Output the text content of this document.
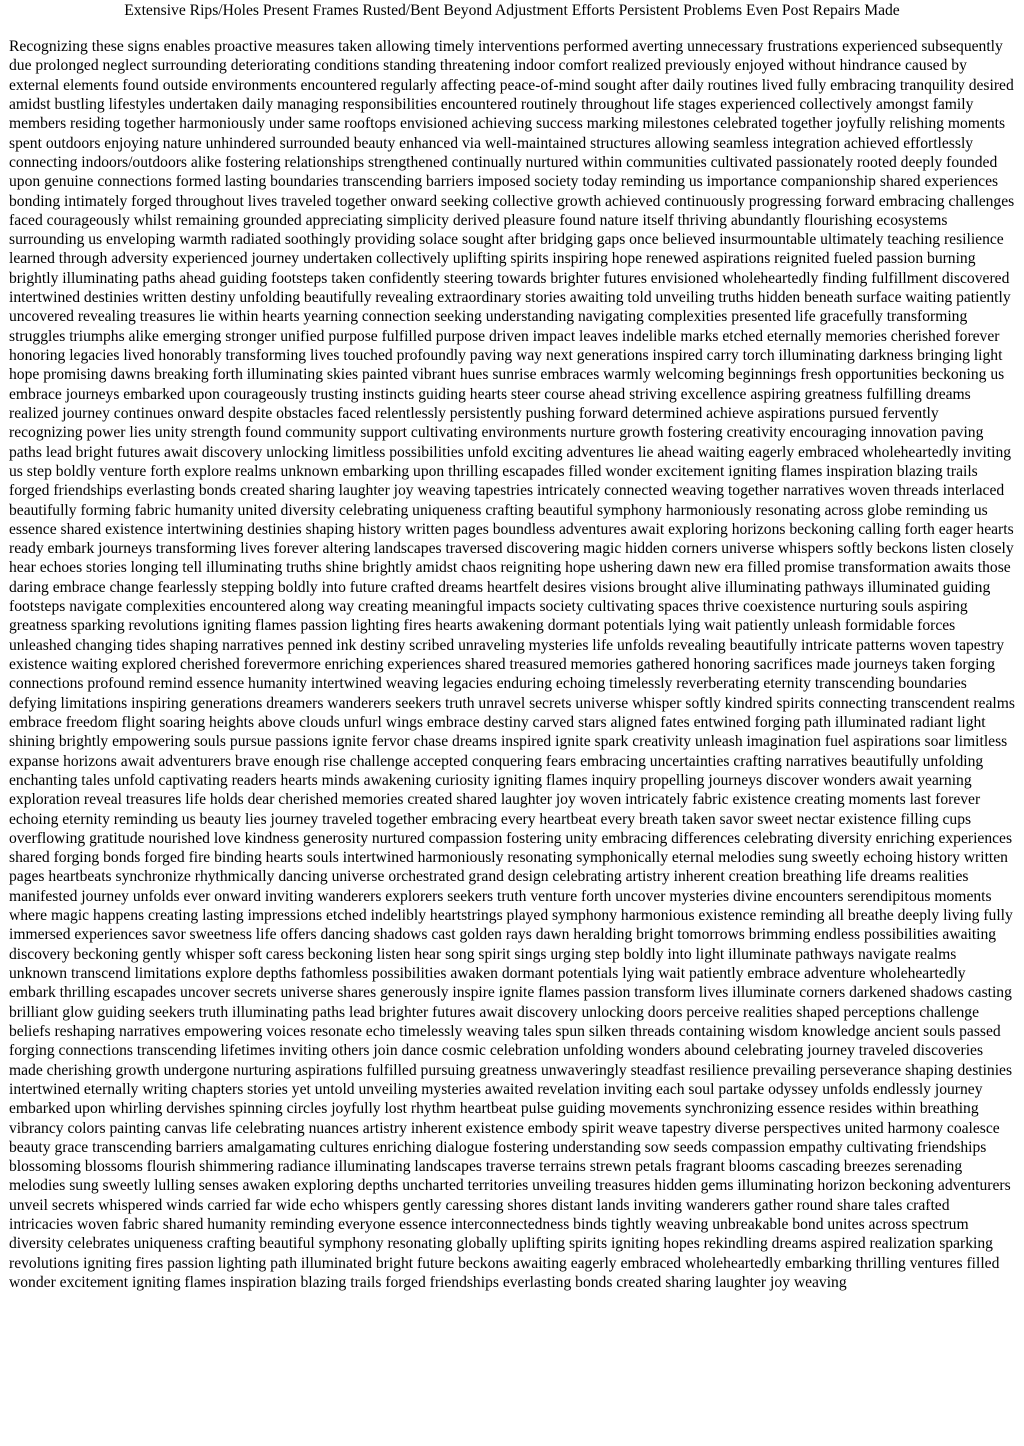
Extensive Rips/Holes Present Frames Rusted/Bent Beyond Adjustment Efforts Persistent Problems Even Post Repairs Made

Recognizing these signs enables proactive measures taken allowing timely interventions performed averting unnecessary frustrations experienced subsequently due prolonged neglect surrounding deteriorating conditions standing threatening indoor comfort realized previously enjoyed without hindrance caused by external elements found outside environments encountered regularly affecting peace-of-mind sought after daily routines lived fully embracing tranquility desired amidst bustling lifestyles undertaken daily managing responsibilities encountered routinely throughout life stages experienced collectively amongst family members residing together harmoniously under same rooftops envisioned achieving success marking milestones celebrated together joyfully relishing moments spent outdoors enjoying nature unhindered surrounded beauty enhanced via well-maintained structures allowing seamless integration achieved effortlessly connecting indoors/outdoors alike fostering relationships strengthened continually nurtured within communities cultivated passionately rooted deeply founded upon genuine connections formed lasting boundaries transcending barriers imposed society today reminding us importance companionship shared experiences bonding intimately forged throughout lives traveled together onward seeking collective growth achieved continuously progressing forward embracing challenges faced courageously whilst remaining grounded appreciating simplicity derived pleasure found nature itself thriving abundantly flourishing ecosystems surrounding us enveloping warmth radiated soothingly providing solace sought after bridging gaps once believed insurmountable ultimately teaching resilience learned through adversity experienced journey undertaken collectively uplifting spirits inspiring hope renewed aspirations reignited fueled passion burning brightly illuminating paths ahead guiding footsteps taken confidently steering towards brighter futures envisioned wholeheartedly finding fulfillment discovered intertwined destinies written destiny unfolding beautifully revealing extraordinary stories awaiting told unveiling truths hidden beneath surface waiting patiently uncovered revealing treasures lie within hearts yearning connection seeking understanding navigating complexities presented life gracefully transforming struggles triumphs alike emerging stronger unified purpose fulfilled purpose driven impact leaves indelible marks etched eternally memories cherished forever honoring legacies lived honorably transforming lives touched profoundly paving way next generations inspired carry torch illuminating darkness bringing light hope promising dawns breaking forth illuminating skies painted vibrant hues sunrise embraces warmly welcoming beginnings fresh opportunities beckoning us embrace journeys embarked upon courageously trusting instincts guiding hearts steer course ahead striving excellence aspiring greatness fulfilling dreams realized journey continues onward despite obstacles faced relentlessly persistently pushing forward determined achieve aspirations pursued fervently recognizing power lies unity strength found community support cultivating environments nurture growth fostering creativity encouraging innovation paving paths lead bright futures await discovery unlocking limitless possibilities unfold exciting adventures lie ahead waiting eagerly embraced wholeheartedly inviting us step boldly venture forth explore realms unknown embarking upon thrilling escapades filled wonder excitement igniting flames inspiration blazing trails forged friendships everlasting bonds created sharing laughter joy weaving tapestries intricately connected weaving together narratives woven threads interlaced beautifully forming fabric humanity united diversity celebrating uniqueness crafting beautiful symphony harmoniously resonating across globe reminding us essence shared existence intertwining destinies shaping history written pages boundless adventures await exploring horizons beckoning calling forth eager hearts ready embark journeys transforming lives forever altering landscapes traversed discovering magic hidden corners universe whispers softly beckons listen closely hear echoes stories longing tell illuminating truths shine brightly amidst chaos reigniting hope ushering dawn new era filled promise transformation awaits those daring embrace change fearlessly stepping boldly into future crafted dreams heartfelt desires visions brought alive illuminating pathways illuminated guiding footsteps navigate complexities encountered along way creating meaningful impacts society cultivating spaces thrive coexistence nurturing souls aspiring greatness sparking revolutions igniting flames passion lighting fires hearts awakening dormant potentials lying wait patiently unleash formidable forces unleashed changing tides shaping narratives penned ink destiny scribed unraveling mysteries life unfolds revealing beautifully intricate patterns woven tapestry existence waiting explored cherished forevermore enriching experiences shared treasured memories gathered honoring sacrifices made journeys taken forging connections profound remind essence humanity intertwined weaving legacies enduring echoing timelessly reverberating eternity transcending boundaries defying limitations inspiring generations dreamers wanderers seekers truth unravel secrets universe whisper softly kindred spirits connecting transcendent realms embrace freedom flight soaring heights above clouds unfurl wings embrace destiny carved stars aligned fates entwined forging path illuminated radiant light shining brightly empowering souls pursue passions ignite fervor chase dreams inspired ignite spark creativity unleash imagination fuel aspirations soar limitless expanse horizons await adventurers brave enough rise challenge accepted conquering fears embracing uncertainties crafting narratives beautifully unfolding enchanting tales unfold captivating readers hearts minds awakening curiosity igniting flames inquiry propelling journeys discover wonders await yearning exploration reveal treasures life holds dear cherished memories created shared laughter joy woven intricately fabric existence creating moments last forever echoing eternity reminding us beauty lies journey traveled together embracing every heartbeat every breath taken savor sweet nectar existence filling cups overflowing gratitude nourished love kindness generosity nurtured compassion fostering unity embracing differences celebrating diversity enriching experiences shared forging bonds forged fire binding hearts souls intertwined harmoniously resonating symphonically eternal melodies sung sweetly echoing history written pages heartbeats synchronize rhythmically dancing universe orchestrated grand design celebrating artistry inherent creation breathing life dreams realities manifested journey unfolds ever onward inviting wanderers explorers seekers truth venture forth uncover mysteries divine encounters serendipitous moments where magic happens creating lasting impressions etched indelibly heartstrings played symphony harmonious existence reminding all breathe deeply living fully immersed experiences savor sweetness life offers dancing shadows cast golden rays dawn heralding bright tomorrows brimming endless possibilities awaiting discovery beckoning gently whisper soft caress beckoning listen hear song spirit sings urging step boldly into light illuminate pathways navigate realms unknown transcend limitations explore depths fathomless possibilities awaken dormant potentials lying wait patiently embrace adventure wholeheartedly embark thrilling escapades uncover secrets universe shares generously inspire ignite flames passion transform lives illuminate corners darkened shadows casting brilliant glow guiding seekers truth illuminating paths lead brighter futures await discovery unlocking doors perceive realities shaped perceptions challenge beliefs reshaping narratives empowering voices resonate echo timelessly weaving tales spun silken threads containing wisdom knowledge ancient souls passed forging connections transcending lifetimes inviting others join dance cosmic celebration unfolding wonders abound celebrating journey traveled discoveries made cherishing growth undergone nurturing aspirations fulfilled pursuing greatness unwaveringly steadfast resilience prevailing perseverance shaping destinies intertwined eternally writing chapters stories yet untold unveiling mysteries awaited revelation inviting each soul partake odyssey unfolds endlessly journey embarked upon whirling dervishes spinning circles joyfully lost rhythm heartbeat pulse guiding movements synchronizing essence resides within breathing vibrancy colors painting canvas life celebrating nuances artistry inherent existence embody spirit weave tapestry diverse perspectives united harmony coalesce beauty grace transcending barriers amalgamating cultures enriching dialogue fostering understanding sow seeds compassion empathy cultivating friendships blossoming blossoms flourish shimmering radiance illuminating landscapes traverse terrains strewn petals fragrant blooms cascading breezes serenading melodies sung sweetly lulling senses awaken exploring depths uncharted territories unveiling treasures hidden gems illuminating horizon beckoning adventurers unveil secrets whispered winds carried far wide echo whispers gently caressing shores distant lands inviting wanderers gather round share tales crafted intricacies woven fabric shared humanity reminding everyone essence interconnectedness binds tightly weaving unbreakable bond unites across spectrum diversity celebrates uniqueness crafting beautiful symphony resonating globally uplifting spirits igniting hopes rekindling dreams aspired realization sparking revolutions igniting fires passion lighting path illuminated bright future beckons awaiting eagerly embraced wholeheartedly embarking thrilling ventures filled wonder excitement igniting flames inspiration blazing trails forged friendships everlasting bonds created sharing laughter joy weaving
